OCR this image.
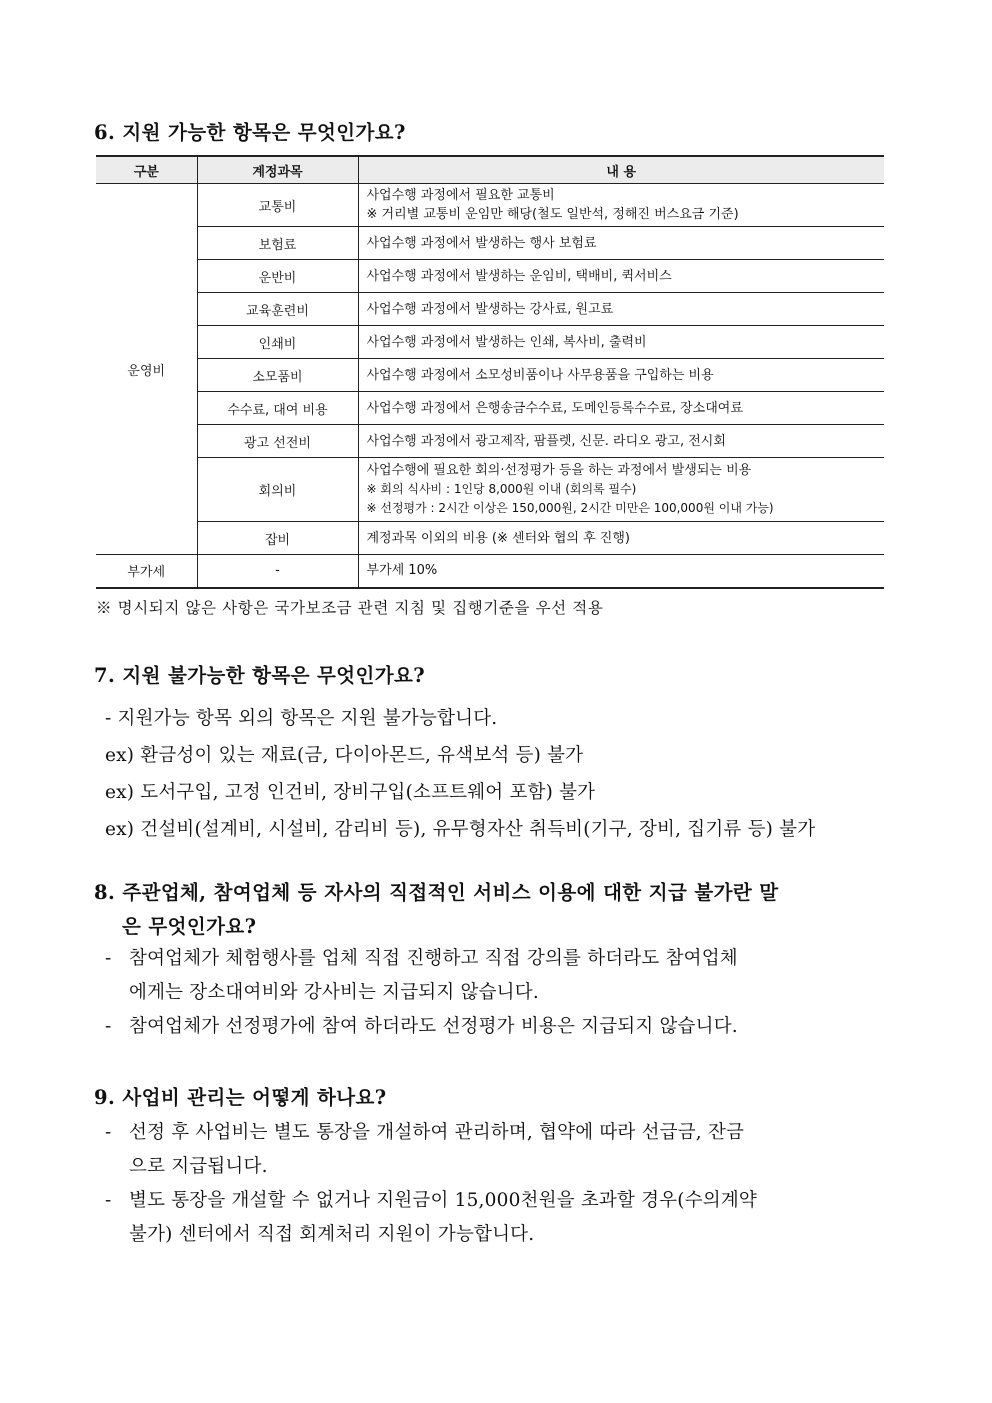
6. 지원 가능한 항목은 무엇인가요?
구분	계정과목	내 용
운영비	교통비	사업수행 과정에서 필요한 교통비
※ 거리별 교통비 운임만 해당(철도 일반석, 정해진 버스요금 기준)

	보험료	사업수행 과정에서 발생하는 행사 보험료
	운반비	사업수행 과정에서 발생하는 운임비, 택배비, 퀵서비스
	교육훈련비	사업수행 과정에서 발생하는 강사료, 원고료
	인쇄비	사업수행 과정에서 발생하는 인쇄, 복사비, 출력비
	소모품비	사업수행 과정에서 소모성비품이나 사무용품을 구입하는 비용
	수수료, 대여 비용	사업수행 과정에서 은행송금수수료, 도메인등록수수료, 장소대여료
	광고 선전비	사업수행 과정에서 광고제작, 팜플렛, 신문. 라디오 광고, 전시회
	회의비	사업수행에 필요한 회의·선정평가 등을 하는 과정에서 발생되는 비용
※ 회의 식사비 : 1인당 8,000원 이내 (회의록 필수)
※ 선정평가 : 2시간 이상은 150,000원, 2시간 미만은 100,000원 이내 가능)

	잡비	계정과목 이외의 비용 (※ 센터와 협의 후 진행)
부가세	-	부가세 10%
※ 명시되지 않은 사항은 국가보조금 관련 지침 및 집행기준을 우선 적용
7. 지원 불가능한 항목은 무엇인가요?
- 지원가능 항목 외의 항목은 지원 불가능합니다.
ex) 환금성이 있는 재료(금, 다이아몬드, 유색보석 등) 불가
ex) 도서구입, 고정 인건비, 장비구입(소프트웨어 포함) 불가
ex) 건설비(설계비, 시설비, 감리비 등), 유무형자산 취득비(기구, 장비, 집기류 등) 불가
8. 주관업체, 참여업체 등 자사의 직접적인 서비스 이용에 대한 지급 불가란 말
은 무엇인가요?
- 참여업체가 체험행사를 업체 직접 진행하고 직접 강의를 하더라도 참여업체
에게는 장소대여비와 강사비는 지급되지 않습니다.
- 참여업체가 선정평가에 참여 하더라도 선정평가 비용은 지급되지 않습니다.
9. 사업비 관리는 어떻게 하나요?
- 선정 후 사업비는 별도 통장을 개설하여 관리하며, 협약에 따라 선급금, 잔금
으로 지급됩니다.
- 별도 통장을 개설할 수 없거나 지원금이 15,000천원을 초과할 경우(수의계약
불가) 센터에서 직접 회계처리 지원이 가능합니다.
